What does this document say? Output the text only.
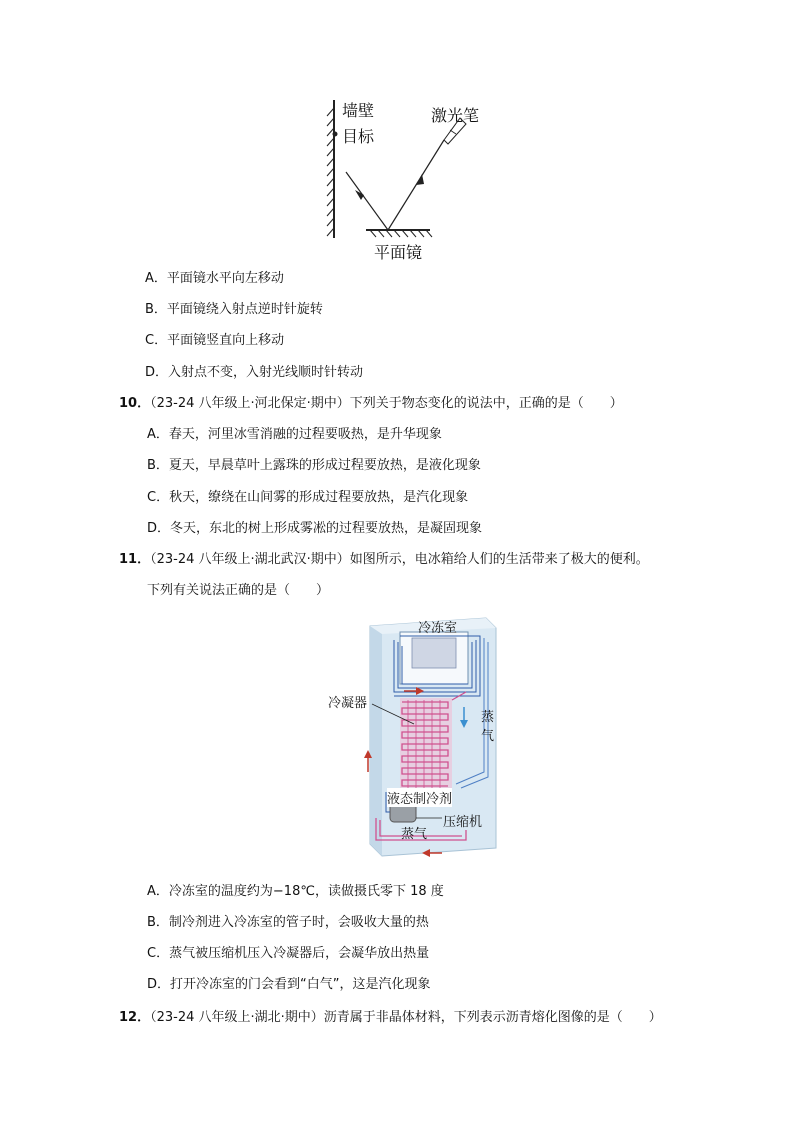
墙壁
目标
激光笔
平面镜
A．平面镜水平向左移动
B．平面镜绕入射点逆时针旋转
C．平面镜竖直向上移动
D．入射点不变，入射光线顺时针转动
10．（23-24 八年级上·河北保定·期中）下列关于物态变化的说法中，正确的是（　　）
A．春天，河里冰雪消融的过程要吸热，是升华现象
B．夏天，早晨草叶上露珠的形成过程要放热，是液化现象
C．秋天，缭绕在山间雾的形成过程要放热，是汽化现象
D．冬天，东北的树上形成雾凇的过程要放热，是凝固现象
11．（23-24 八年级上·湖北武汉·期中）如图所示，电冰箱给人们的生活带来了极大的便利。
下列有关说法正确的是（　　）
冷冻室
冷凝器
蒸
气
液态制冷剂
压缩机
蒸气
A．冷冻室的温度约为−18℃，读做摄氏零下 18 度
B．制冷剂进入冷冻室的管子时，会吸收大量的热
C．蒸气被压缩机压入冷凝器后，会凝华放出热量
D．打开冷冻室的门会看到“白气”，这是汽化现象
12．（23-24 八年级上·湖北·期中）沥青属于非晶体材料，下列表示沥青熔化图像的是（　　）
